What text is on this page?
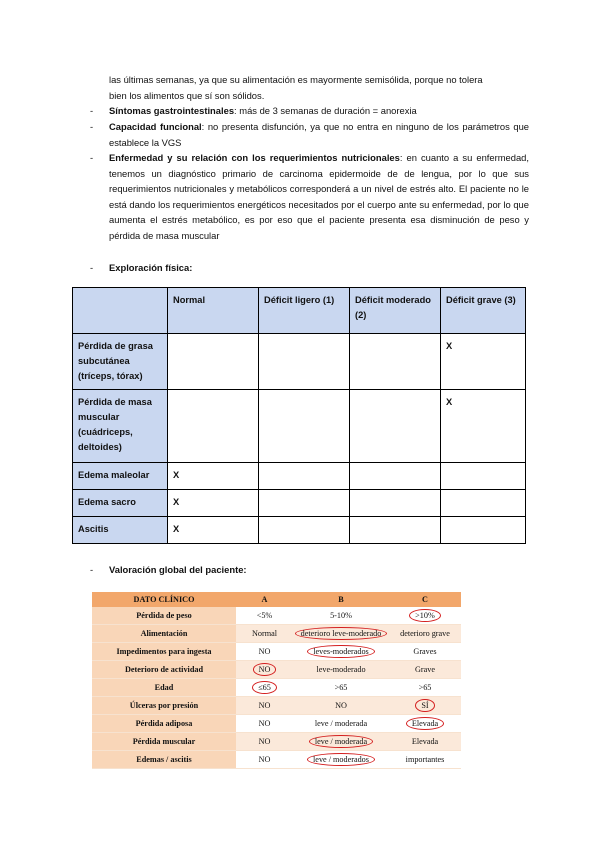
las últimas semanas, ya que su alimentación es mayormente semisólida, porque no tolera
bien los alimentos que sí son sólidos.
- Síntomas gastrointestinales: más de 3 semanas de duración = anorexia
- Capacidad funcional: no presenta disfunción, ya que no entra en ninguno de los parámetros que establece la VGS
- Enfermedad y su relación con los requerimientos nutricionales: en cuanto a su enfermedad, tenemos un diagnóstico primario de carcinoma epidermoide de de lengua, por lo que sus requerimientos nutricionales y metabólicos corresponderá a un nivel de estrés alto. El paciente no le está dando los requerimientos energéticos necesitados por el cuerpo ante su enfermedad, por lo que aumenta el estrés metabólico, es por eso que el paciente presenta esa disminución de peso y pérdida de masa muscular
- Exploración física:
	Normal	Déficit ligero (1)	Déficit moderado (2)	Déficit grave (3)
Pérdida de grasa subcutánea (tríceps, tórax)				X
Pérdida de masa muscular (cuádriceps, deltoides)				X
Edema maleolar	X			
Edema sacro	X			
Ascitis	X			
- Valoración global del paciente:
DATO CLÍNICO	A	B	C
Pérdida de peso	<5%	5-10%	>10%
Alimentación	Normal	deterioro leve-moderado	deterioro grave
Impedimentos para ingesta	NO	leves-moderados	Graves
Deterioro de actividad	NO	leve-moderado	Grave
Edad	≤65	>65	>65
Úlceras por presión	NO	NO	SÍ
Pérdida adiposa	NO	leve / moderada	Elevada
Pérdida muscular	NO	leve / moderada	Elevada
Edemas / ascitis	NO	leve / moderados	importantes
